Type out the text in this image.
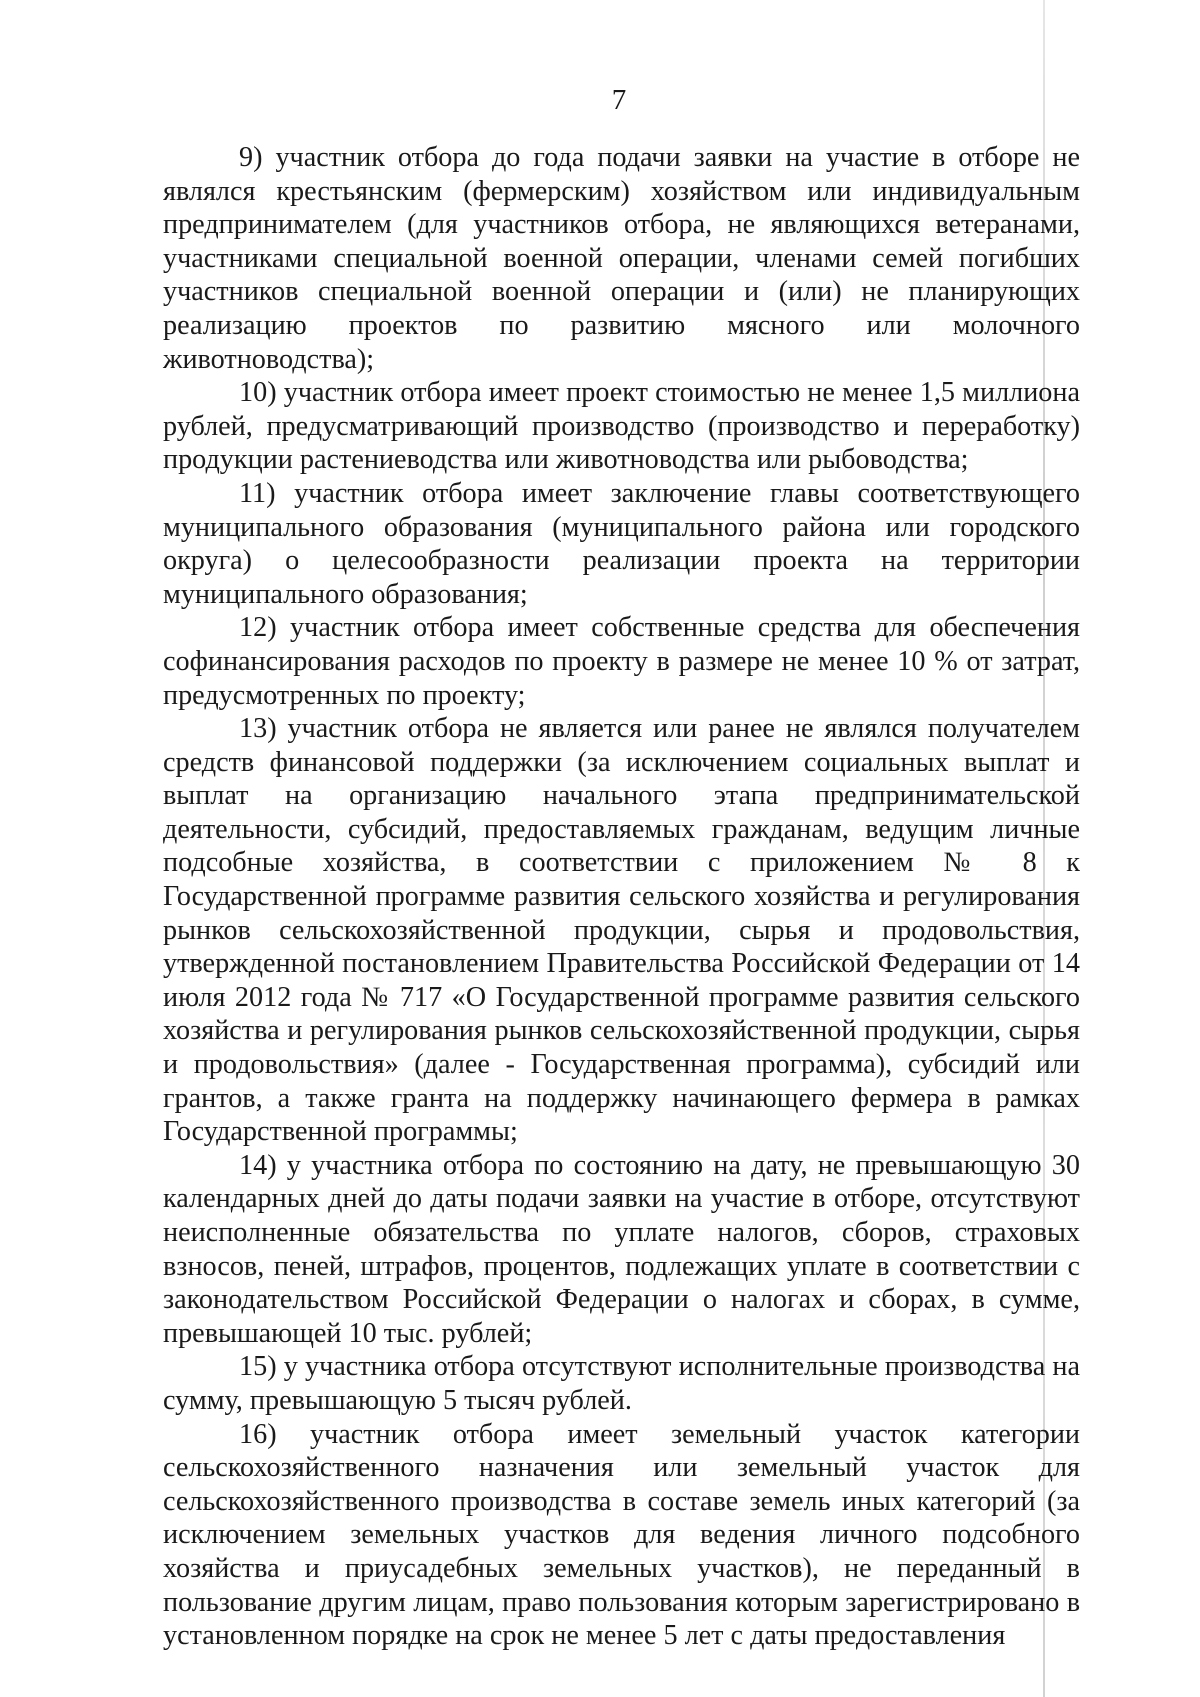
7

9) участник отбора до года подачи заявки на участие в отборе не являлся крестьянским (фермерским) хозяйством или индивидуальным предпринимателем (для участников отбора, не являющихся ветеранами, участниками специальной военной операции, членами семей погибших участников специальной военной операции и (или) не планирующих реализацию проектов по развитию мясного или молочного животноводства);

10) участник отбора имеет проект стоимостью не менее 1,5 миллиона рублей, предусматривающий производство (производство и переработку) продукции растениеводства или животноводства или рыбоводства;

11) участник отбора имеет заключение главы соответствующего муниципального образования (муниципального района или городского округа) о целесообразности реализации проекта на территории муниципального образования;

12) участник отбора имеет собственные средства для обеспечения софинансирования расходов по проекту в размере не менее 10 % от затрат, предусмотренных по проекту;

13) участник отбора не является или ранее не являлся получателем средств финансовой поддержки (за исключением социальных выплат и выплат на организацию начального этапа предпринимательской деятельности, субсидий, предоставляемых гражданам, ведущим личные подсобные хозяйства, в соответствии с приложением № 8 к Государственной программе развития сельского хозяйства и регулирования рынков сельскохозяйственной продукции, сырья и продовольствия, утвержденной постановлением Правительства Российской Федерации от 14 июля 2012 года № 717 «О Государственной программе развития сельского хозяйства и регулирования рынков сельскохозяйственной продукции, сырья и продовольствия» (далее - Государственная программа), субсидий или грантов, а также гранта на поддержку начинающего фермера в рамках Государственной программы;

14) у участника отбора по состоянию на дату, не превышающую 30 календарных дней до даты подачи заявки на участие в отборе, отсутствуют неисполненные обязательства по уплате налогов, сборов, страховых взносов, пеней, штрафов, процентов, подлежащих уплате в соответствии с законодательством Российской Федерации о налогах и сборах, в сумме, превышающей 10 тыс. рублей;

15) у участника отбора отсутствуют исполнительные производства на сумму, превышающую 5 тысяч рублей.

16) участник отбора имеет земельный участок категории сельскохозяйственного назначения или земельный участок для сельскохозяйственного производства в составе земель иных категорий (за исключением земельных участков для ведения личного подсобного хозяйства и приусадебных земельных участков), не переданный в пользование другим лицам, право пользования которым зарегистрировано в установленном порядке на срок не менее 5 лет с даты предоставления
